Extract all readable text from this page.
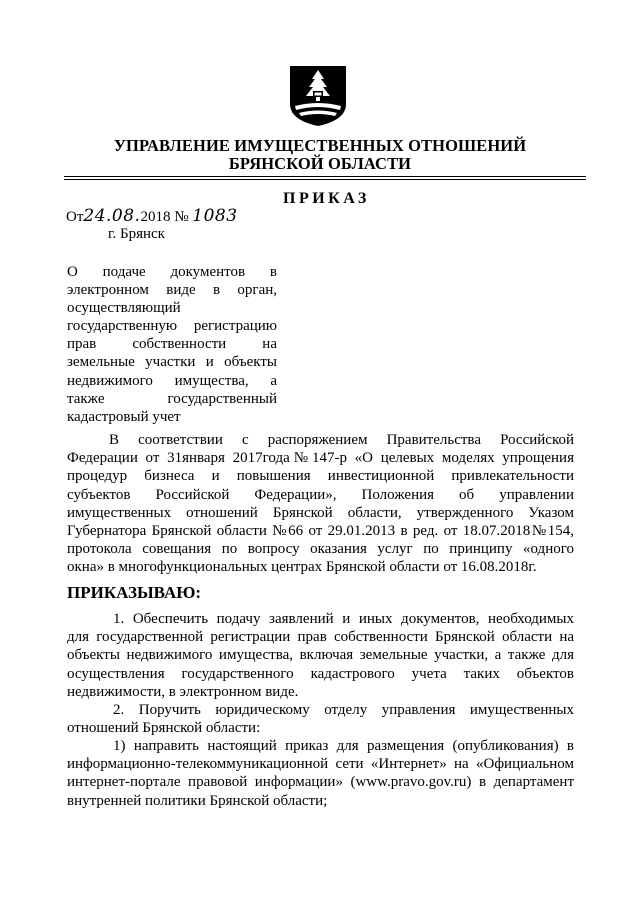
УПРАВЛЕНИЕ ИМУЩЕСТВЕННЫХ ОТНОШЕНИЙ
БРЯНСКОЙ ОБЛАСТИ
ПРИКАЗ
От24.08.2018 № 1083
г. Брянск
О подаче документов в
электронном виде в орган,
осуществляющий
государственную регистрацию
прав собственности на
земельные участки и объекты
недвижимого имущества, а
также государственный
кадастровый учет
В соответствии с распоряжением Правительства Российской
Федерации от 31января 2017года№147-р «О целевых моделях упрощения
процедур бизнеса и повышения инвестиционной привлекательности
субъектов Российской Федерации», Положения об управлении
имущественных отношений Брянской области, утвержденного Указом
Губернатора Брянской области №66 от 29.01.2013 в ред. от 18.07.2018№154,
протокола совещания по вопросу оказания услуг по принципу «одного
окна» в многофункциональных центрах Брянской области от 16.08.2018г.
ПРИКАЗЫВАЮ:
1. Обеспечить подачу заявлений и иных документов, необходимых
для государственной регистрации прав собственности Брянской области на
объекты недвижимого имущества, включая земельные участки, а также для
осуществления государственного кадастрового учета таких объектов
недвижимости, в электронном виде.
2. Поручить юридическому отделу управления имущественных
отношений Брянской области:
1) направить настоящий приказ для размещения (опубликования) в
информационно-телекоммуникационной сети «Интернет» на «Официальном
интернет-портале правовой информации» (www.pravo.gov.ru) в департамент
внутренней политики Брянской области;
